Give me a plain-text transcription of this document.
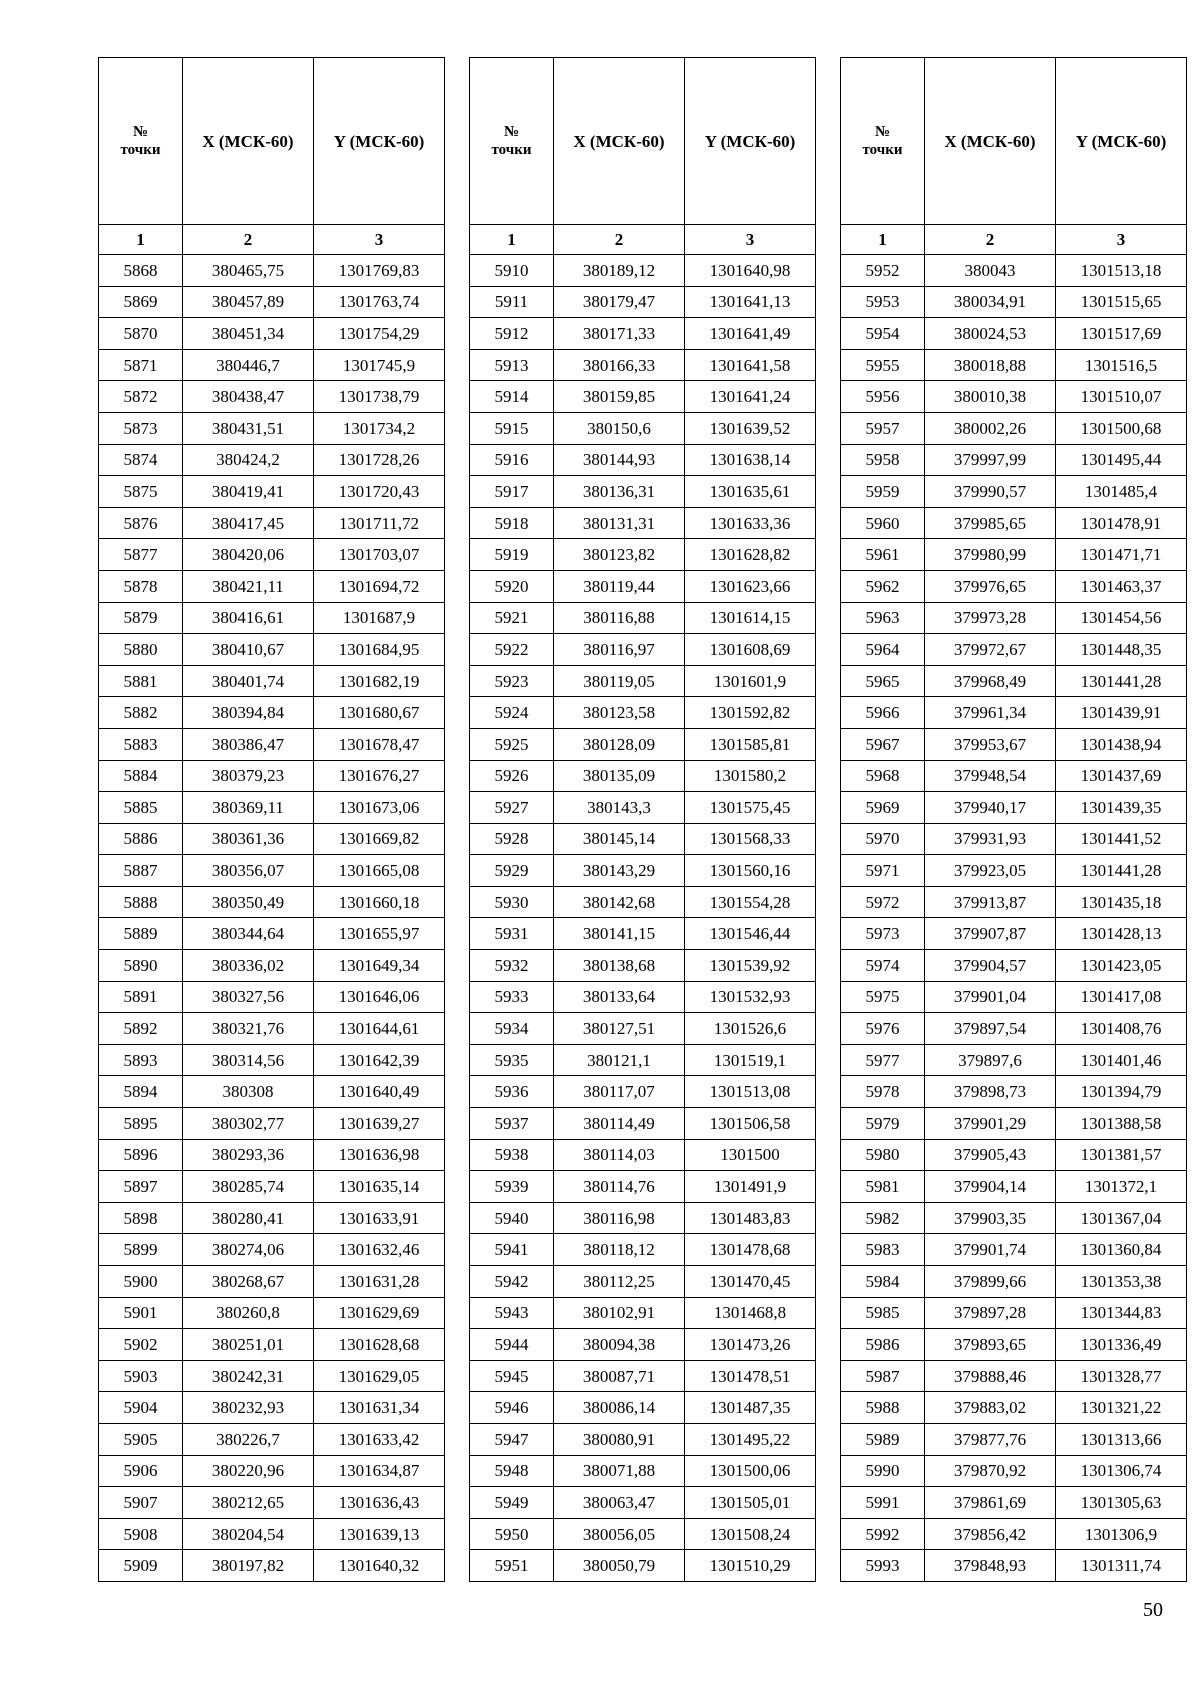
№
точки	X (МСК-60)	Y (МСК-60)
1	2	3
5868	380465,75	1301769,83
5869	380457,89	1301763,74
5870	380451,34	1301754,29
5871	380446,7	1301745,9
5872	380438,47	1301738,79
5873	380431,51	1301734,2
5874	380424,2	1301728,26
5875	380419,41	1301720,43
5876	380417,45	1301711,72
5877	380420,06	1301703,07
5878	380421,11	1301694,72
5879	380416,61	1301687,9
5880	380410,67	1301684,95
5881	380401,74	1301682,19
5882	380394,84	1301680,67
5883	380386,47	1301678,47
5884	380379,23	1301676,27
5885	380369,11	1301673,06
5886	380361,36	1301669,82
5887	380356,07	1301665,08
5888	380350,49	1301660,18
5889	380344,64	1301655,97
5890	380336,02	1301649,34
5891	380327,56	1301646,06
5892	380321,76	1301644,61
5893	380314,56	1301642,39
5894	380308	1301640,49
5895	380302,77	1301639,27
5896	380293,36	1301636,98
5897	380285,74	1301635,14
5898	380280,41	1301633,91
5899	380274,06	1301632,46
5900	380268,67	1301631,28
5901	380260,8	1301629,69
5902	380251,01	1301628,68
5903	380242,31	1301629,05
5904	380232,93	1301631,34
5905	380226,7	1301633,42
5906	380220,96	1301634,87
5907	380212,65	1301636,43
5908	380204,54	1301639,13
5909	380197,82	1301640,32
№
точки	X (МСК-60)	Y (МСК-60)
1	2	3
5910	380189,12	1301640,98
5911	380179,47	1301641,13
5912	380171,33	1301641,49
5913	380166,33	1301641,58
5914	380159,85	1301641,24
5915	380150,6	1301639,52
5916	380144,93	1301638,14
5917	380136,31	1301635,61
5918	380131,31	1301633,36
5919	380123,82	1301628,82
5920	380119,44	1301623,66
5921	380116,88	1301614,15
5922	380116,97	1301608,69
5923	380119,05	1301601,9
5924	380123,58	1301592,82
5925	380128,09	1301585,81
5926	380135,09	1301580,2
5927	380143,3	1301575,45
5928	380145,14	1301568,33
5929	380143,29	1301560,16
5930	380142,68	1301554,28
5931	380141,15	1301546,44
5932	380138,68	1301539,92
5933	380133,64	1301532,93
5934	380127,51	1301526,6
5935	380121,1	1301519,1
5936	380117,07	1301513,08
5937	380114,49	1301506,58
5938	380114,03	1301500
5939	380114,76	1301491,9
5940	380116,98	1301483,83
5941	380118,12	1301478,68
5942	380112,25	1301470,45
5943	380102,91	1301468,8
5944	380094,38	1301473,26
5945	380087,71	1301478,51
5946	380086,14	1301487,35
5947	380080,91	1301495,22
5948	380071,88	1301500,06
5949	380063,47	1301505,01
5950	380056,05	1301508,24
5951	380050,79	1301510,29
№
точки	X (МСК-60)	Y (МСК-60)
1	2	3
5952	380043	1301513,18
5953	380034,91	1301515,65
5954	380024,53	1301517,69
5955	380018,88	1301516,5
5956	380010,38	1301510,07
5957	380002,26	1301500,68
5958	379997,99	1301495,44
5959	379990,57	1301485,4
5960	379985,65	1301478,91
5961	379980,99	1301471,71
5962	379976,65	1301463,37
5963	379973,28	1301454,56
5964	379972,67	1301448,35
5965	379968,49	1301441,28
5966	379961,34	1301439,91
5967	379953,67	1301438,94
5968	379948,54	1301437,69
5969	379940,17	1301439,35
5970	379931,93	1301441,52
5971	379923,05	1301441,28
5972	379913,87	1301435,18
5973	379907,87	1301428,13
5974	379904,57	1301423,05
5975	379901,04	1301417,08
5976	379897,54	1301408,76
5977	379897,6	1301401,46
5978	379898,73	1301394,79
5979	379901,29	1301388,58
5980	379905,43	1301381,57
5981	379904,14	1301372,1
5982	379903,35	1301367,04
5983	379901,74	1301360,84
5984	379899,66	1301353,38
5985	379897,28	1301344,83
5986	379893,65	1301336,49
5987	379888,46	1301328,77
5988	379883,02	1301321,22
5989	379877,76	1301313,66
5990	379870,92	1301306,74
5991	379861,69	1301305,63
5992	379856,42	1301306,9
5993	379848,93	1301311,74
50
